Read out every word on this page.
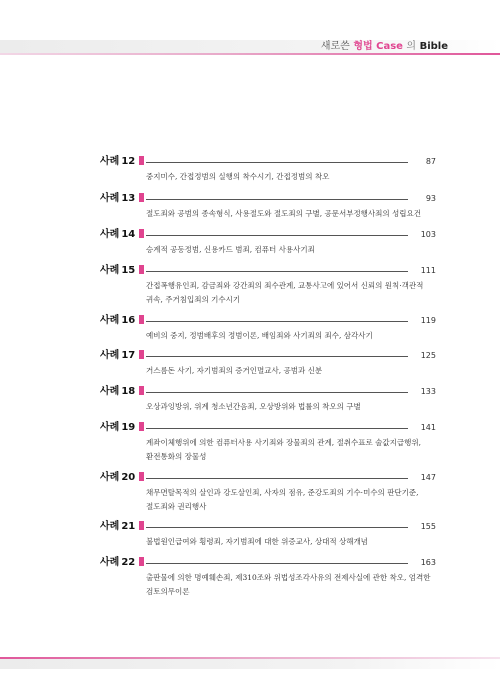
새로쓴 형법 Case 의 Bible
사례 12	87
중지미수, 간접정범의 실행의 착수시기, 간접정범의 착오
사례 13	93
절도죄와 공범의 종속형식, 사용절도와 절도죄의 구별, 공문서부정행사죄의 성립요건
사례 14	103
승계적 공동정범, 신용카드 범죄, 컴퓨터 사용사기죄
사례 15	111
간접폭행유인죄, 감금죄와 강간죄의 죄수관계, 교통사고에 있어서 신뢰의 원칙·객관적 귀속, 주거침입죄의 기수시기
사례 16	119
예비의 중지, 정범배후의 정범이론, 배임죄와 사기죄의 죄수, 삼각사기
사례 17	125
거스름돈 사기, 자기범죄의 증거인멸교사, 공범과 신분
사례 18	133
오상과잉방위, 위계 청소년간음죄, 오상방위와 법률의 착오의 구별
사례 19	141
계좌이체행위에 의한 컴퓨터사용 사기죄와 장물죄의 관계, 절취수표로 술값지급행위, 환전통화의 장물성
사례 20	147
채무면탈목적의 살인과 강도살인죄, 사자의 점유, 준강도죄의 기수·미수의 판단기준, 절도죄와 권리행사
사례 21	155
불법원인급여와 횡령죄, 자기범죄에 대한 위증교사, 상대적 상해개념
사례 22	163
출판물에 의한 명예훼손죄, 제310조와 위법성조각사유의 전제사실에 관한 착오, 엄격한 검토의무이론
